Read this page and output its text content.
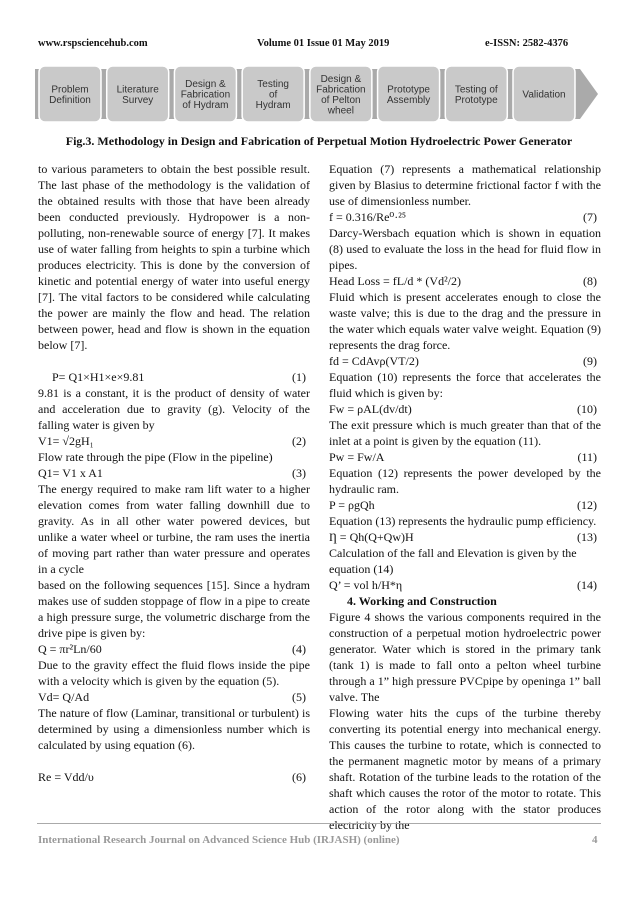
www.rspsciencehub.com	Volume 01 Issue 01 May 2019	e-ISSN: 2582-4376
Problem
Definition
Literature
Survey
Design &
Fabrication
of Hydram
Testing
of
Hydram
Design &
Fabrication
of Pelton
wheel
Prototype
Assembly
Testing of
Prototype Validation
Fig.3. Methodology in Design and Fabrication of Perpetual Motion Hydroelectric Power Generator

to various parameters to obtain the best possible result. The last phase of the methodology is the validation of the obtained results with those that have been already been conducted previously. Hydropower is a non-polluting, non-renewable source of energy [7]. It makes use of water falling from heights to spin a turbine which produces electricity. This is done by the conversion of kinetic and potential energy of water into useful energy [7]. The vital factors to be considered while calculating the power are mainly the flow and head. The relation between power, head and flow is shown in the equation below [7].

P= Q1×H1×e×9.81	(1)

9.81 is a constant, it is the product of density of water and acceleration due to gravity (g). Velocity of the falling water is given by

V1= √2gH₁	(2)

Flow rate through the pipe (Flow in the pipeline)

Q1= V1 x A1	(3)

The energy required to make ram lift water to a higher elevation comes from water falling downhill due to gravity. As in all other water powered devices, but unlike a water wheel or turbine, the ram uses the inertia of moving part rather than water pressure and operates in a cycle

based on the following sequences [15]. Since a hydram makes use of sudden stoppage of flow in a pipe to create a high pressure surge, the volumetric discharge from the drive pipe is given by:

Q = πr²Ln/60	(4)

Due to the gravity effect the fluid flows inside the pipe with a velocity which is given by the equation (5).

Vd= Q/Ad	(5)

The nature of flow (Laminar, transitional or turbulent) is determined by using a dimensionless number which is calculated by using equation (6).

Re = Vdd/υ	(6)

Equation (7) represents a mathematical relationship given by Blasius to determine frictional factor f with the use of dimensionless number.

f = 0.316/Re⁰·²⁵	(7)

Darcy-Wersbach equation which is shown in equation (8) used to evaluate the loss in the head for fluid flow in pipes.

Head Loss = fL/d * (Vd²/2)	(8)

Fluid which is present accelerates enough to close the waste valve; this is due to the drag and the pressure in the water which equals water valve weight. Equation (9) represents the drag force.

fd = CdAvρ(VT/2)	(9)

Equation (10) represents the force that accelerates the fluid which is given by:

Fw = ρAL(dv/dt)	(10)

The exit pressure which is much greater than that of the inlet at a point is given by the equation (11).

Pw = Fw/A	(11)

Equation (12) represents the power developed by the hydraulic ram.

P = ρgQh	(12)

Equation (13) represents the hydraulic pump efficiency.

Ƞ = Qh(Q+Qw)H	(13)

Calculation of the fall and Elevation is given by the equation (14)

Q’ = vol h/H*η	(14)
4. Working and Construction

Figure 4 shows the various components required in the construction of a perpetual motion hydroelectric power generator. Water which is stored in the primary tank (tank 1) is made to fall onto a pelton wheel turbine through a 1” high pressure PVCpipe by openinga 1” ball valve. The

Flowing water hits the cups of the turbine thereby converting its potential energy into mechanical energy. This causes the turbine to rotate, which is connected to the permanent magnetic motor by means of a primary shaft. Rotation of the turbine leads to the rotation of the shaft which causes the rotor of the motor to rotate. This action of the rotor along with the stator produces electricity by the

International Research Journal on Advanced Science Hub (IRJASH) (online)	4
